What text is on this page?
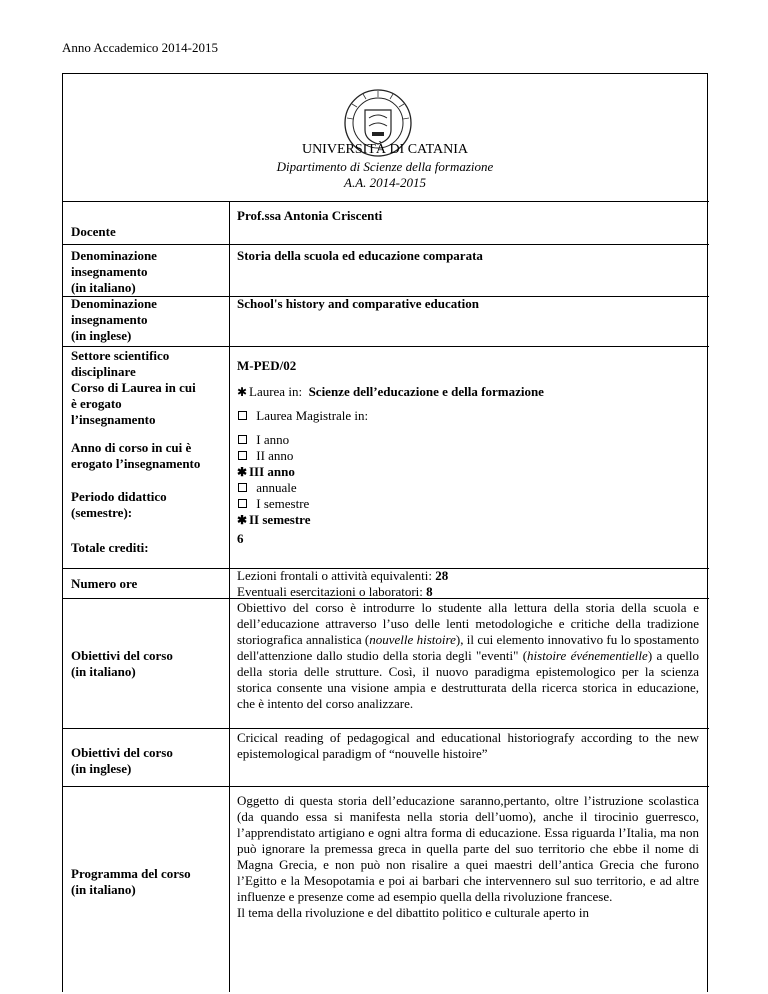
Anno Accademico 2014-2015
UNIVERSITÀ DI CATANIA
Dipartimento di Scienze della formazione
A.A. 2014-2015
Docente
Prof.ssa Antonia Criscenti
Denominazione
insegnamento
(in italiano)
Storia della scuola ed educazione comparata
Denominazione
insegnamento
(in inglese)
School's history and comparative education
Settore scientifico
disciplinare	M-PED/02
Corso di Laurea in cui
è erogato
l’insegnamento
✱ Laurea in: Scienze dell’educazione e della formazione
Laurea Magistrale in:
Anno di corso in cui è
erogato l’insegnamento
I anno
II anno
✱ III anno
Periodo didattico
(semestre):
annuale
I semestre
✱ II semestre
Totale crediti:
6
Numero ore
Lezioni frontali o attività equivalenti: 28
Eventuali esercitazioni o laboratori: 8
Obiettivi del corso
(in italiano)
Obiettivo del corso è introdurre lo studente alla lettura della storia della scuola e dell’educazione attraverso l’uso delle lenti metodologiche e critiche della tradizione storiografica annalistica (nouvelle histoire), il cui elemento innovativo fu lo spostamento dell'attenzione dallo studio della storia degli "eventi" (histoire événementielle) a quello della storia delle strutture. Così, il nuovo paradigma epistemologico per la scienza storica consente una visione ampia e destrutturata della ricerca storica in educazione, che è intento del corso analizzare.
Obiettivi del corso
(in inglese)
Cricical reading of pedagogical and educational historiografy according to the new epistemological paradigm of “nouvelle histoire”
Programma del corso
(in italiano)
Oggetto di questa storia dell’educazione saranno,pertanto, oltre l’istruzione scolastica (da quando essa si manifesta nella storia dell’uomo), anche il tirocinio guerresco, l’apprendistato artigiano e ogni altra forma di educazione. Essa riguarda l’Italia, ma non può ignorare la premessa greca in quella parte del suo territorio che ebbe il nome di Magna Grecia, e non può non risalire a quei maestri dell’antica Grecia che furono l’Egitto e la Mesopotamia e poi ai barbari che intervennero sul suo territorio, e ad altre influenze e presenze come ad esempio quella della rivoluzione francese.
Il tema della rivoluzione e del dibattito politico e culturale aperto in
